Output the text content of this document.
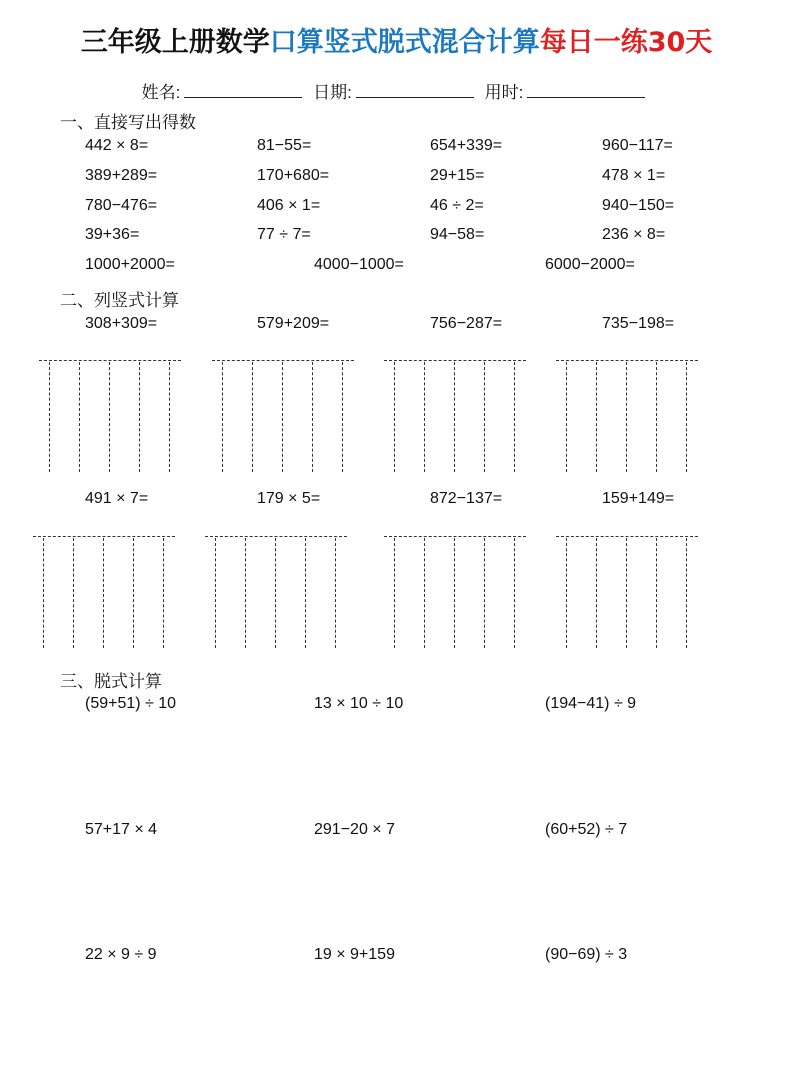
三年级上册数学口算竖式脱式混合计算每日一练30天
姓名:	日期:	用时:
一、直接写出得数
二、列竖式计算
三、脱式计算
442 × 8=	81−55=	654+339=	960−117=
389+289=	170+680=	29+15=	478 × 1=
780−476=	406 × 1=	46 ÷ 2=	940−150=
39+36=	77 ÷ 7=	94−58=	236 × 8=
1000+2000=	4000−1000=	6000−2000=
308+309=	579+209=	756−287=	735−198=
491 × 7=	179 × 5=	872−137=	159+149=
(59+51) ÷ 10	13 × 10 ÷ 10	(194−41) ÷ 9
57+17 × 4	291−20 × 7	(60+52) ÷ 7
22 × 9 ÷ 9	19 × 9+159	(90−69) ÷ 3
